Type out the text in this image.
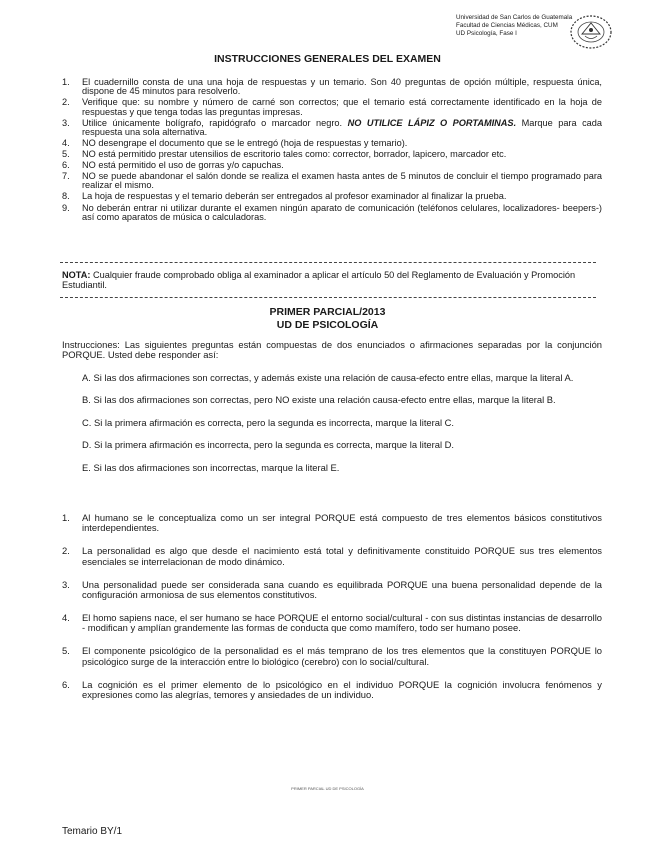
Universidad de San Carlos de Guatemala
Facultad de Ciencias Médicas, CUM
UD Psicología, Fase I
INSTRUCCIONES GENERALES DEL EXAMEN
1.	El cuadernillo consta de una una hoja de respuestas y un temario. Son 40 preguntas de opción múltiple, respuesta única, dispone de 45 minutos para resolverlo.
2.	Verifique que: su nombre y número de carné son correctos; que el temario está correctamente identificado en la hoja de respuestas y que tenga todas las preguntas impresas.
3.	Utilice únicamente bolígrafo, rapidógrafo o marcador negro. NO UTILICE LÁPIZ O PORTAMINAS. Marque para cada respuesta una sola alternativa.
4.	NO desengrape el documento que se le entregó (hoja de respuestas y temario).
5.	NO está permitido prestar utensilios de escritorio tales como: corrector, borrador, lapicero, marcador etc.
6.	NO está permitido el uso de gorras y/o capuchas.
7.	NO se puede abandonar el salón donde se realiza el examen hasta antes de 5 minutos de concluir el tiempo programado para realizar el mismo.
8.	La hoja de respuestas y el temario deberán ser entregados al profesor examinador al finalizar la prueba.
9.	No deberán entrar ni utilizar durante el examen ningún aparato de comunicación (teléfonos celulares, localizadores- beepers-) así como aparatos de música o calculadoras.
NOTA: Cualquier fraude comprobado obliga al examinador a aplicar el artículo 50 del Reglamento de Evaluación y Promoción Estudiantil.
PRIMER PARCIAL/2013
UD DE PSICOLOGÍA
Instrucciones: Las siguientes preguntas están compuestas de dos enunciados o afirmaciones separadas por la conjunción PORQUE. Usted debe responder así:
A. Si las dos afirmaciones son correctas, y además existe una relación de causa-efecto entre ellas, marque la literal A.
B. Si las dos afirmaciones son correctas, pero NO existe una relación causa-efecto entre ellas, marque la literal B.
C. Si la primera afirmación es correcta, pero la segunda es incorrecta, marque la literal C.
D. Si la primera afirmación es incorrecta, pero la segunda es correcta, marque la literal D.
E. Si las dos afirmaciones son incorrectas, marque la literal E.
1.	Al humano se le conceptualiza como un ser integral PORQUE está compuesto de tres elementos básicos constitutivos interdependientes.
2.	La personalidad es algo que desde el nacimiento está total y definitivamente constituido PORQUE sus tres elementos esenciales se interrelacionan de modo dinámico.
3.	Una personalidad puede ser considerada sana cuando es equilibrada PORQUE una buena personalidad depende de la configuración armoniosa de sus elementos constitutivos.
4.	El homo sapiens nace, el ser humano se hace PORQUE el entorno social/cultural - con sus distintas instancias de desarrollo - modifican y amplían grandemente las formas de conducta que como mamífero, todo ser humano posee.
5.	El componente psicológico de la personalidad es el más temprano de los tres elementos que la constituyen PORQUE lo psicológico surge de la interacción entre lo biológico (cerebro) con lo social/cultural.
6.	La cognición es el primer elemento de lo psicológico en el individuo PORQUE la cognición involucra fenómenos y expresiones como las alegrías, temores y ansiedades de un individuo.
PRIMER PARCIAL UD DE PSICOLOGÍA
Temario BY/1
